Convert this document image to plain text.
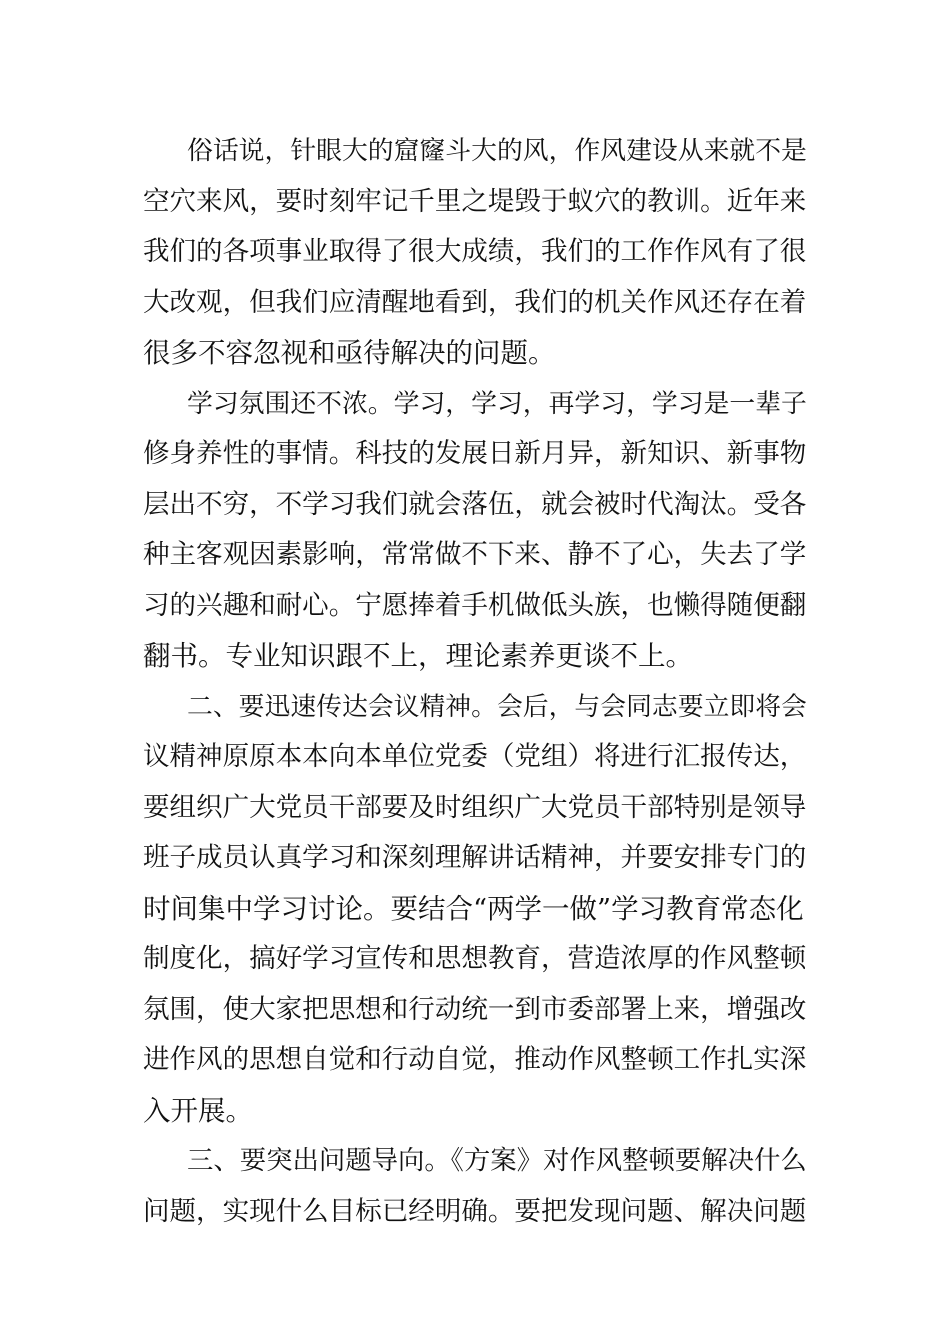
俗话说，针眼大的窟窿斗大的风，作风建设从来就不是
空穴来风，要时刻牢记千里之堤毁于蚁穴的教训。近年来
我们的各项事业取得了很大成绩，我们的工作作风有了很
大改观，但我们应清醒地看到，我们的机关作风还存在着
很多不容忽视和亟待解决的问题。
学习氛围还不浓。学习，学习，再学习，学习是一辈子
修身养性的事情。科技的发展日新月异，新知识、新事物
层出不穷，不学习我们就会落伍，就会被时代淘汰。受各
种主客观因素影响，常常做不下来、静不了心，失去了学
习的兴趣和耐心。宁愿捧着手机做低头族，也懒得随便翻
翻书。专业知识跟不上，理论素养更谈不上。
二、要迅速传达会议精神。会后，与会同志要立即将会
议精神原原本本向本单位党委（党组）将进行汇报传达，
要组织广大党员干部要及时组织广大党员干部特别是领导
班子成员认真学习和深刻理解讲话精神，并要安排专门的
时间集中学习讨论。要结合“两学一做”学习教育常态化
制度化，搞好学习宣传和思想教育，营造浓厚的作风整顿
氛围，使大家把思想和行动统一到市委部署上来，增强改
进作风的思想自觉和行动自觉，推动作风整顿工作扎实深
入开展。
三、要突出问题导向。《方案》对作风整顿要解决什么
问题，实现什么目标已经明确。要把发现问题、解决问题
